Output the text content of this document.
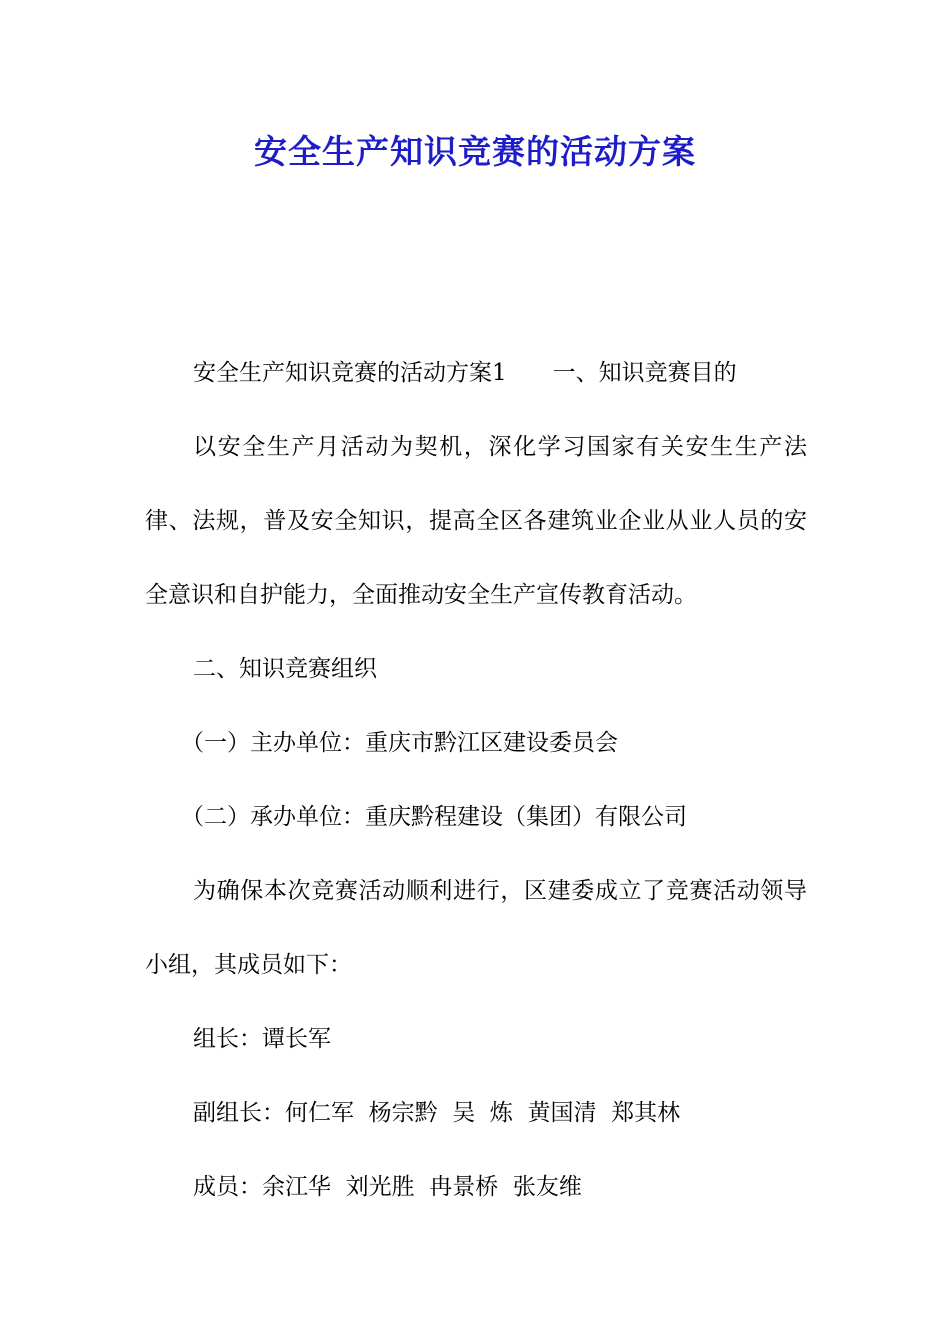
安全生产知识竞赛的活动方案

安全生产知识竞赛的活动方案1　　一、知识竞赛目的

以安全生产月活动为契机，深化学习国家有关安生生产法律、法规，普及安全知识，提高全区各建筑业企业从业人员的安全意识和自护能力，全面推动安全生产宣传教育活动。

二、知识竞赛组织

（一）主办单位：重庆市黔江区建设委员会

（二）承办单位：重庆黔程建设（集团）有限公司

为确保本次竞赛活动顺利进行，区建委成立了竞赛活动领导小组，其成员如下：

组长：谭长军

副组长：何仁军  杨宗黔  吴  炼  黄国清  郑其林

成员：余江华  刘光胜  冉景桥  张友维
